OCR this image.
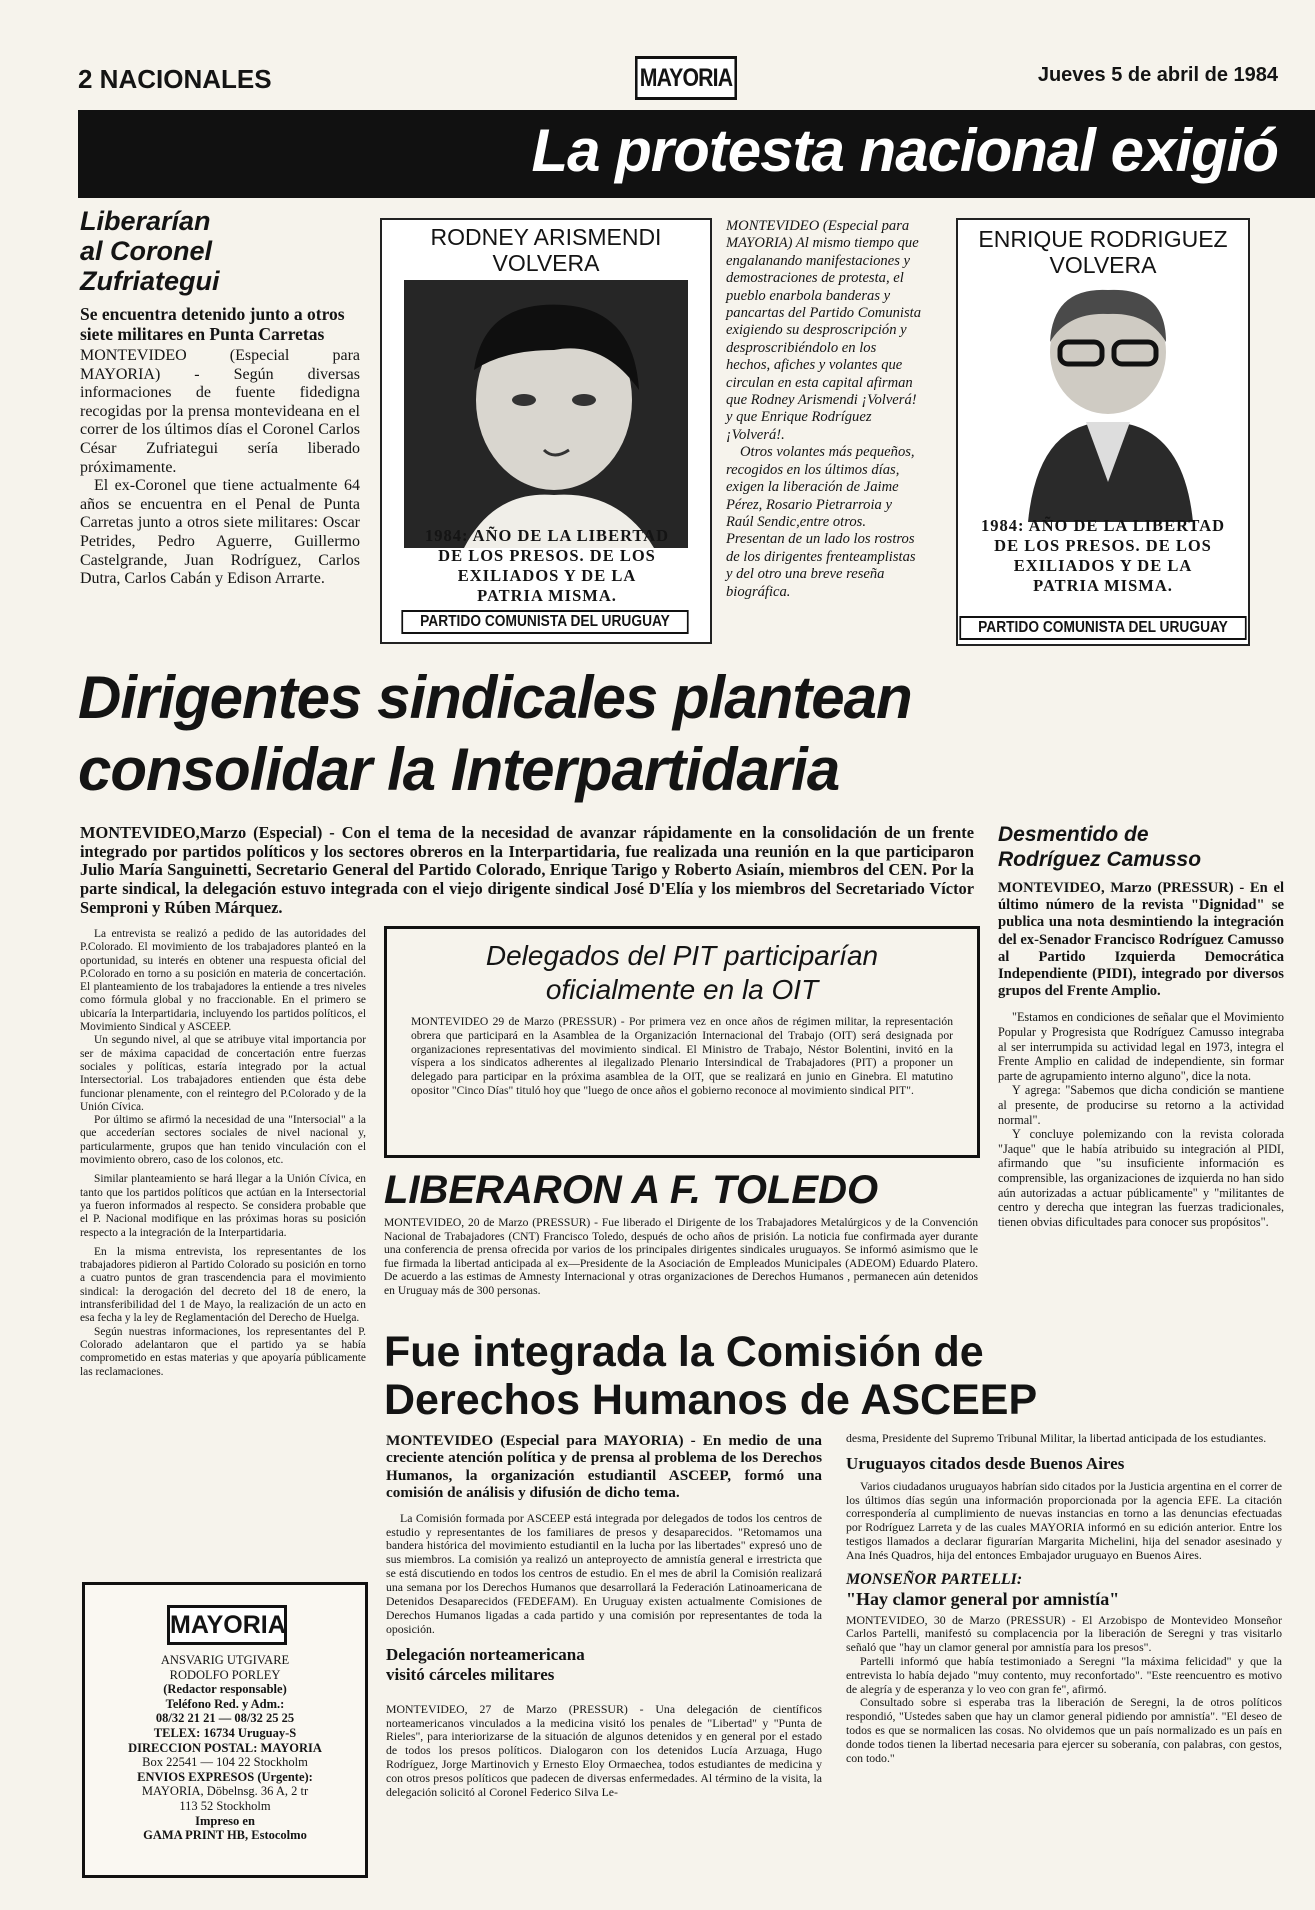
2 NACIONALES	MAYORIA	Jueves 5 de abril de 1984
La protesta nacional exigió
Liberarían
al Coronel
Zufriategui
Se encuentra detenido junto a otros siete militares en Punta Carretas

MONTEVIDEO (Especial para MAYORIA) - Según diversas informaciones de fuente fidedigna recogidas por la prensa montevideana en el correr de los últimos días el Coronel Carlos César Zufriategui sería liberado próximamente.

El ex-Coronel que tiene actualmente 64 años se encuentra en el Penal de Punta Carretas junto a otros siete militares: Oscar Petrides, Pedro Aguerre, Guillermo Castelgrande, Juan Rodríguez, Carlos Dutra, Carlos Cabán y Edison Arrarte.

RODNEY ARISMENDI
VOLVERA
1984: AÑO DE LA LIBERTAD
DE LOS PRESOS. DE LOS
EXILIADOS Y DE LA
PATRIA MISMA.
PARTIDO COMUNISTA DEL URUGUAY

MONTEVIDEO (Especial para MAYORIA) Al mismo tiempo que engalanando manifestaciones y demostraciones de protesta, el pueblo enarbola banderas y pancartas del Partido Comunista exigiendo su desproscripción y desproscribiéndolo en los hechos, afiches y volantes que circulan en esta capital afirman que Rodney Arismendi ¡Volverá! y que Enrique Rodríguez ¡Volverá!.

Otros volantes más pequeños, recogidos en los últimos días, exigen la liberación de Jaime Pérez, Rosario Pietrarroia y Raúl Sendic,entre otros. Presentan de un lado los rostros de los dirigentes frenteamplistas y del otro una breve reseña biográfica.

ENRIQUE RODRIGUEZ
VOLVERA
1984: AÑO DE LA LIBERTAD
DE LOS PRESOS. DE LOS
EXILIADOS Y DE LA
PATRIA MISMA.
PARTIDO COMUNISTA DEL URUGUAY
Dirigentes sindicales plantean
consolidar la Interpartidaria
MONTEVIDEO,Marzo (Especial) - Con el tema de la necesidad de avanzar rápidamente en la consolidación de un frente integrado por partidos políticos y los sectores obreros en la Interpartidaria, fue realizada una reunión en la que participaron Julio María Sanguinetti, Secretario General del Partido Colorado, Enrique Tarigo y Roberto Asiaín, miembros del CEN. Por la parte sindical, la delegación estuvo integrada con el viejo dirigente sindical José D'Elía y los miembros del Secretariado Víctor Semproni y Rúben Márquez.

La entrevista se realizó a pedido de las autoridades del P.Colorado. El movimiento de los trabajadores planteó en la oportunidad, su interés en obtener una respuesta oficial del P.Colorado en torno a su posición en materia de concertación. El planteamiento de los trabajadores la entiende a tres niveles como fórmula global y no fraccionable. En el primero se ubicaría la Interpartidaria, incluyendo los partidos políticos, el Movimiento Sindical y ASCEEP.

Un segundo nivel, al que se atribuye vital importancia por ser de máxima capacidad de concertación entre fuerzas sociales y políticas, estaría integrado por la actual Intersectorial. Los trabajadores entienden que ésta debe funcionar plenamente, con el reintegro del P.Colorado y de la Unión Cívica.

Por último se afirmó la necesidad de una "Intersocial" a la que accederían sectores sociales de nivel nacional y, particularmente, grupos que han tenido vinculación con el movimiento obrero, caso de los colonos, etc.

Similar planteamiento se hará llegar a la Unión Cívica, en tanto que los partidos políticos que actúan en la Intersectorial ya fueron informados al respecto. Se considera probable que el P. Nacional modifique en las próximas horas su posición respecto a la integración de la Interpartidaria.

En la misma entrevista, los representantes de los trabajadores pidieron al Partido Colorado su posición en torno a cuatro puntos de gran trascendencia para el movimiento sindical: la derogación del decreto del 18 de enero, la intransferibilidad del 1 de Mayo, la realización de un acto en esa fecha y la ley de Reglamentación del Derecho de Huelga.

Según nuestras informaciones, los representantes del P. Colorado adelantaron que el partido ya se había comprometido en estas materias y que apoyaría públicamente las reclamaciones.

Delegados del PIT participarían
oficialmente en la OIT
MONTEVIDEO 29 de Marzo (PRESSUR) - Por primera vez en once años de régimen militar, la representación obrera que participará en la Asamblea de la Organización Internacional del Trabajo (OIT) será designada por organizaciones representativas del movimiento sindical. El Ministro de Trabajo, Néstor Bolentini, invitó en la víspera a los sindicatos adherentes al ilegalizado Plenario Intersindical de Trabajadores (PIT) a proponer un delegado para participar en la próxima asamblea de la OIT, que se realizará en junio en Ginebra. El matutino opositor "Cinco Días" tituló hoy que "luego de once años el gobierno reconoce al movimiento sindical PIT".
LIBERARON A F. TOLEDO
MONTEVIDEO, 20 de Marzo (PRESSUR) - Fue liberado el Dirigente de los Trabajadores Metalúrgicos y de la Convención Nacional de Trabajadores (CNT) Francisco Toledo, después de ocho años de prisión. La noticia fue confirmada ayer durante una conferencia de prensa ofrecida por varios de los principales dirigentes sindicales uruguayos. Se informó asimismo que le fue firmada la libertad anticipada al ex—Presidente de la Asociación de Empleados Municipales (ADEOM) Eduardo Platero. De acuerdo a las estimas de Amnesty Internacional y otras organizaciones de Derechos Humanos , permanecen aún detenidos en Uruguay más de 300 personas.
Desmentido de
Rodríguez Camusso
MONTEVIDEO, Marzo (PRESSUR) - En el último número de la revista "Dignidad" se publica una nota desmintiendo la integración del ex-Senador Francisco Rodríguez Camusso al Partido Izquierda Democrática Independiente (PIDI), integrado por diversos grupos del Frente Amplio.

"Estamos en condiciones de señalar que el Movimiento Popular y Progresista que Rodríguez Camusso integraba al ser interrumpida su actividad legal en 1973, integra el Frente Amplio en calidad de independiente, sin formar parte de agrupamiento interno alguno", dice la nota.

Y agrega: "Sabemos que dicha condición se mantiene al presente, de producirse su retorno a la actividad normal".

Y concluye polemizando con la revista colorada "Jaque" que le había atribuido su integración al PIDI, afirmando que "su insuficiente información es comprensible, las organizaciones de izquierda no han sido aún autorizadas a actuar públicamente" y "militantes de centro y derecha que integran las fuerzas tradicionales, tienen obvias dificultades para conocer sus propósitos".

Fue integrada la Comisión de
Derechos Humanos de ASCEEP
MONTEVIDEO (Especial para MAYORIA) - En medio de una creciente atención política y de prensa al problema de los Derechos Humanos, la organización estudiantil ASCEEP, formó una comisión de análisis y difusión de dicho tema.

La Comisión formada por ASCEEP está integrada por delegados de todos los centros de estudio y representantes de los familiares de presos y desaparecidos. "Retomamos una bandera histórica del movimiento estudiantil en la lucha por las libertades" expresó uno de sus miembros. La comisión ya realizó un anteproyecto de amnistía general e irrestricta que se está discutiendo en todos los centros de estudio. En el mes de abril la Comisión realizará una semana por los Derechos Humanos que desarrollará la Federación Latinoamericana de Detenidos Desaparecidos (FEDEFAM). En Uruguay existen actualmente Comisiones de Derechos Humanos ligadas a cada partido y una comisión por representantes de toda la oposición.

Delegación norteamericana
visitó cárceles militares

MONTEVIDEO, 27 de Marzo (PRESSUR) - Una delegación de científicos norteamericanos vinculados a la medicina visitó los penales de "Libertad" y "Punta de Rieles", para interiorizarse de la situación de algunos detenidos y en general por el estado de todos los presos políticos. Dialogaron con los detenidos Lucía Arzuaga, Hugo Rodríguez, Jorge Martinovich y Ernesto Eloy Ormaechea, todos estudiantes de medicina y con otros presos políticos que padecen de diversas enfermedades. Al término de la visita, la delegación solicitó al Coronel Federico Silva Le-

desma, Presidente del Supremo Tribunal Militar, la libertad anticipada de los estudiantes.

Uruguayos citados desde Buenos Aires

Varios ciudadanos uruguayos habrían sido citados por la Justicia argentina en el correr de los últimos días según una información proporcionada por la agencia EFE. La citación correspondería al cumplimiento de nuevas instancias en torno a las denuncias efectuadas por Rodríguez Larreta y de las cuales MAYORIA informó en su edición anterior. Entre los testigos llamados a declarar figurarían Margarita Michelini, hija del senador asesinado y Ana Inés Quadros, hija del entonces Embajador uruguayo en Buenos Aires.

MONSEÑOR PARTELLI:
"Hay clamor general por amnistía"

MONTEVIDEO, 30 de Marzo (PRESSUR) - El Arzobispo de Montevideo Monseñor Carlos Partelli, manifestó su complacencia por la liberación de Seregni y tras visitarlo señaló que "hay un clamor general por amnistía para los presos".

Partelli informó que había testimoniado a Seregni "la máxima felicidad" y que la entrevista lo había dejado "muy contento, muy reconfortado". "Este reencuentro es motivo de alegría y de esperanza y lo veo con gran fe", afirmó.

Consultado sobre si esperaba tras la liberación de Seregni, la de otros políticos respondió, "Ustedes saben que hay un clamor general pidiendo por amnistía". "El deseo de todos es que se normalicen las cosas. No olvidemos que un país normalizado es un país en donde todos tienen la libertad necesaria para ejercer su soberanía, con palabras, con gestos, con todo."

MAYORIA

ANSVARIG UTGIVARE

RODOLFO PORLEY

(Redactor responsable)

Teléfono Red. y Adm.:

08/32 21 21 — 08/32 25 25

TELEX: 16734 Uruguay-S

DIRECCION POSTAL: MAYORIA

Box 22541 — 104 22 Stockholm

ENVIOS EXPRESOS (Urgente):

MAYORIA, Döbelnsg. 36 A, 2 tr

113 52 Stockholm

Impreso en

GAMA PRINT HB, Estocolmo
